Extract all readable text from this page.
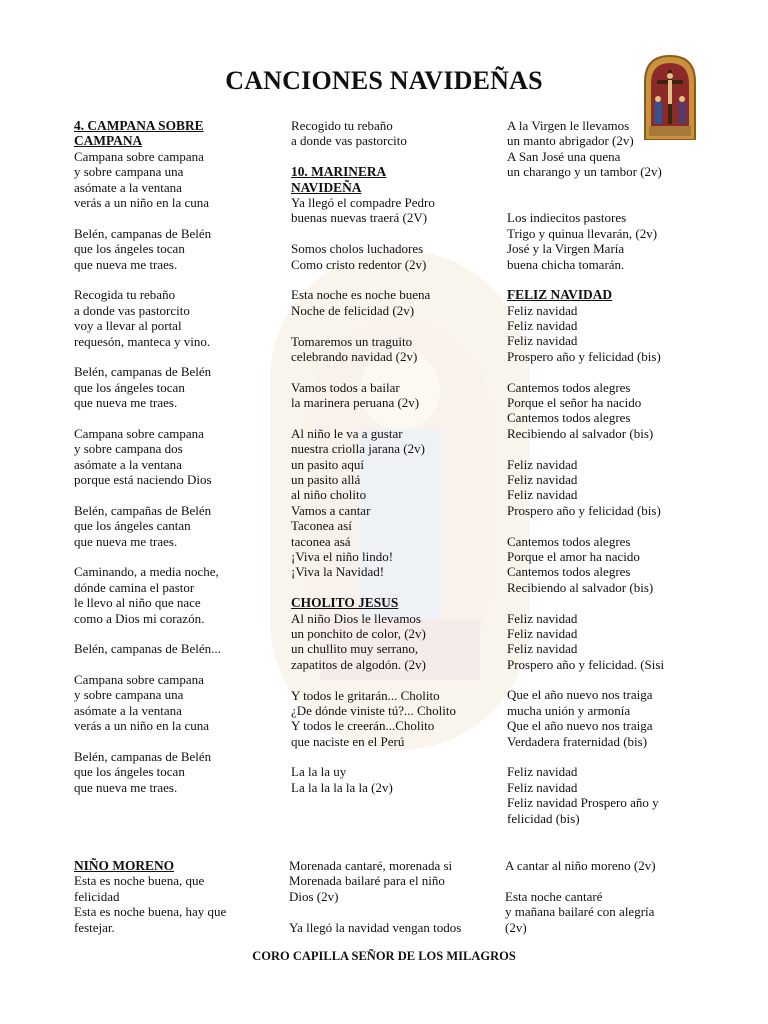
CANCIONES NAVIDEÑAS
4. CAMPANA SOBRE
CAMPANA
Campana sobre campana
y sobre campana una
asómate a la ventana
verás a un niño en la cuna
Belén, campanas de Belén
que los ángeles tocan
que nueva me traes.
Recogida tu rebaño
a donde vas pastorcito
voy a llevar al portal
requesón, manteca y vino.
Belén, campanas de Belén
que los ángeles tocan
que nueva me traes.
Campana sobre campana
y sobre campana dos
asómate a la ventana
porque está naciendo Dios
Belén, campañas de Belén
que los ángeles cantan
que nueva me traes.
Caminando, a media noche,
dónde camina el pastor
le llevo al niño que nace
como a Dios mi corazón.
Belén, campanas de Belén...
Campana sobre campana
y sobre campana una
asómate a la ventana
verás a un niño en la cuna
Belén, campanas de Belén
que los ángeles tocan
que nueva me traes.
Recogido tu rebaño
a donde vas pastorcito
10. MARINERA
NAVIDEÑA
Ya llegó el compadre Pedro
buenas nuevas traerá (2V)
Somos cholos luchadores
Como cristo redentor (2v)
Esta noche es noche buena
Noche de felicidad (2v)
Tomaremos un traguito
celebrando navidad (2v)
Vamos todos a bailar
la marinera peruana (2v)
Al niño le va a gustar
nuestra criolla jarana (2v)
un pasito aquí
un pasito allá
al niño cholito
Vamos a cantar
Taconea así
taconea asá
¡Viva el niño lindo!
¡Viva la Navidad!
CHOLITO JESUS
Al niño Dios le llevamos
un ponchito de color, (2v)
un chullito muy serrano,
zapatitos de algodón. (2v)
Y todos le gritarán... Cholito
¿De dónde viniste tú?... Cholito
Y todos le creerán...Cholito
que naciste en el Perú
La la la uy
La la la la la la (2v)
A la Virgen le llevamos
un manto abrigador (2v)
A San José una quena
un charango y un tambor (2v)
Los indiecitos pastores
Trigo y quinua llevarán, (2v)
José y la Virgen María
buena chicha tomarán.
FELIZ NAVIDAD
Feliz navidad
Feliz navidad
Feliz navidad
Prospero año y felicidad (bis)
Cantemos todos alegres
Porque el señor ha nacido
Cantemos todos alegres
Recibiendo al salvador (bis)
Feliz navidad
Feliz navidad
Feliz navidad
Prospero año y felicidad (bis)
Cantemos todos alegres
Porque el amor ha nacido
Cantemos todos alegres
Recibiendo al salvador (bis)
Feliz navidad
Feliz navidad
Feliz navidad
Prospero año y felicidad. (Sisi
Que el año nuevo nos traiga
mucha unión y armonía
Que el año nuevo nos traiga
Verdadera fraternidad (bis)
Feliz navidad
Feliz navidad
Feliz navidad Prospero año y
felicidad (bis)
NIÑO MORENO
Esta es noche buena, que
felicidad
Esta es noche buena, hay que
festejar.
Morenada cantaré, morenada si
Morenada bailaré para el niño
Dios (2v)
Ya llegó la navidad vengan todos
A cantar al niño moreno (2v)
Esta noche cantaré
y mañana bailaré con alegría
(2v)
CORO CAPILLA SEÑOR DE LOS MILAGROS
